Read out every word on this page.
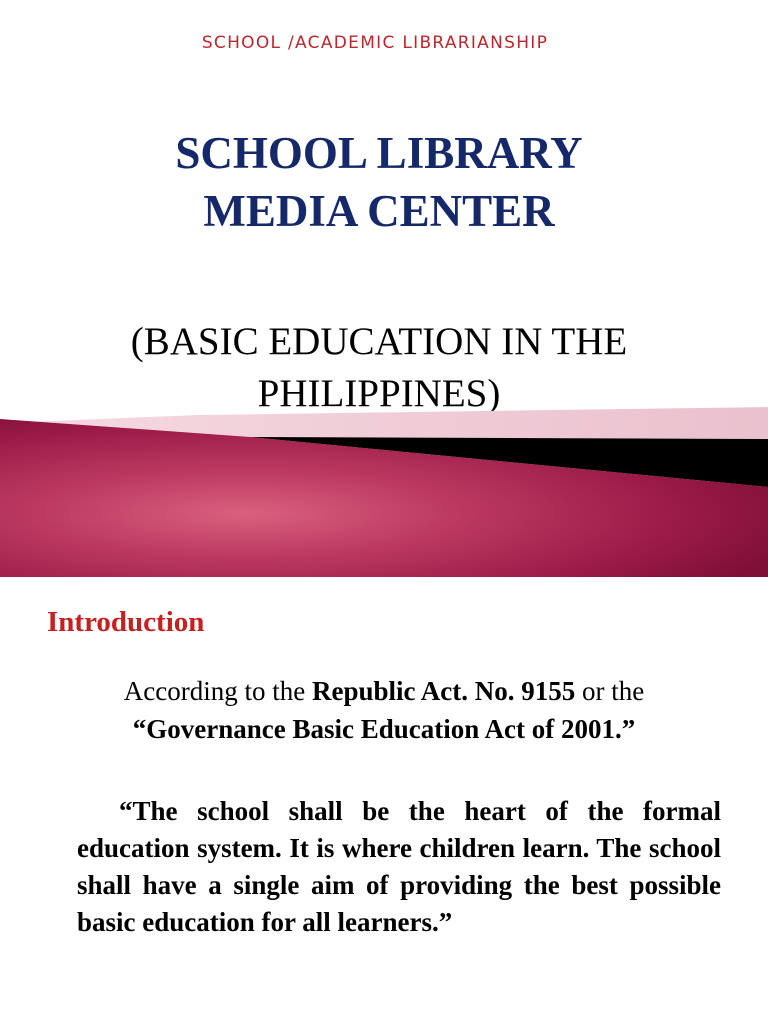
SCHOOL /ACADEMIC LIBRARIANSHIP
SCHOOL LIBRARY
MEDIA CENTER
(BASIC EDUCATION IN THE
PHILIPPINES)
Introduction
According to the Republic Act. No. 9155 or the
“Governance Basic Education Act of 2001.”
“The school shall be the heart of the formal education system. It is where children learn. The school shall have a single aim of providing the best possible basic education for all learners.”
